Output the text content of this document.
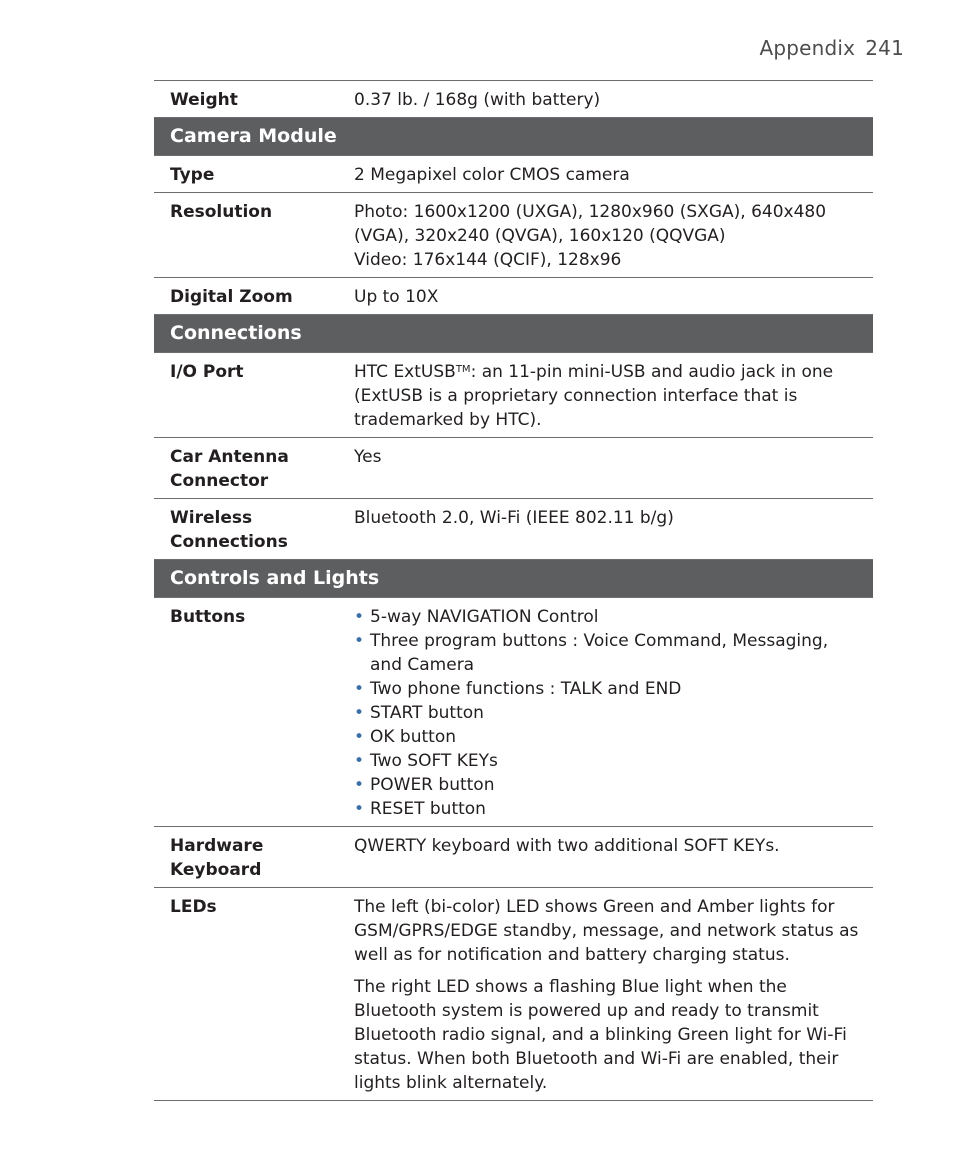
Appendix 241
Weight	0.37 lb. / 168g (with battery)
Camera Module
Type	2 Megapixel color CMOS camera
Resolution	Photo: 1600x1200 (UXGA), 1280x960 (SXGA), 640x480
(VGA), 320x240 (QVGA), 160x120 (QQVGA)
Video: 176x144 (QCIF), 128x96
Digital Zoom	Up to 10X
Connections
I/O Port	HTC ExtUSB™: an 11-pin mini-USB and audio jack in one
(ExtUSB is a proprietary connection interface that is
trademarked by HTC).
Car Antenna
Connector
Yes
Wireless
Connections
Bluetooth 2.0, Wi-Fi (IEEE 802.11 b/g)
Controls and Lights
Buttons
•	5-way NAVIGATION Control
• Three program buttons : Voice Command, Messaging, and Camera
• Two phone functions : TALK and END
• START button
• OK button
• Two SOFT KEYs
• POWER button
• RESET button
Hardware
Keyboard
QWERTY keyboard with two additional SOFT KEYs.
LEDs	The left (bi-color) LED shows Green and Amber lights for GSM/GPRS/EDGE standby, message, and network status as well as for notification and battery charging status.
The right LED shows a flashing Blue light when the Bluetooth system is powered up and ready to transmit Bluetooth radio signal, and a blinking Green light for Wi-Fi status. When both Bluetooth and Wi-Fi are enabled, their lights blink alternately.
